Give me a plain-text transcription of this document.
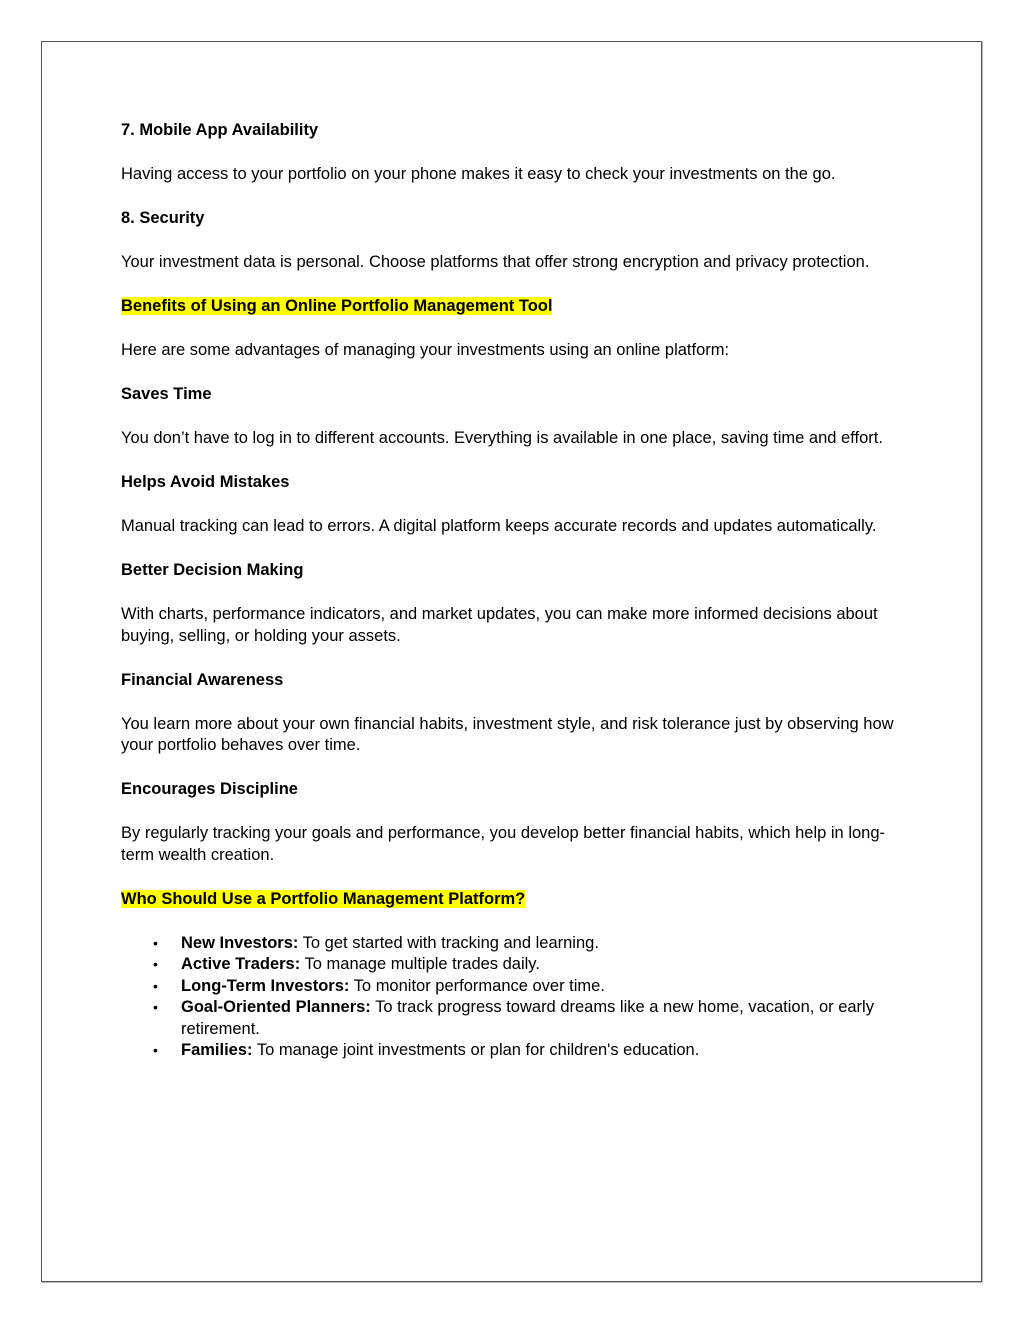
7. Mobile App Availability

Having access to your portfolio on your phone makes it easy to check your investments on the go.

8. Security

Your investment data is personal. Choose platforms that offer strong encryption and privacy protection.

Benefits of Using an Online Portfolio Management Tool

Here are some advantages of managing your investments using an online platform:

Saves Time

You don’t have to log in to different accounts. Everything is available in one place, saving time and effort.

Helps Avoid Mistakes

Manual tracking can lead to errors. A digital platform keeps accurate records and updates automatically.

Better Decision Making

With charts, performance indicators, and market updates, you can make more informed decisions about buying, selling, or holding your assets.

Financial Awareness

You learn more about your own financial habits, investment style, and risk tolerance just by observing how your portfolio behaves over time.

Encourages Discipline

By regularly tracking your goals and performance, you develop better financial habits, which help in long-term wealth creation.

Who Should Use a Portfolio Management Platform?

• New Investors: To get started with tracking and learning.
• Active Traders: To manage multiple trades daily.
• Long-Term Investors: To monitor performance over time.
• Goal-Oriented Planners: To track progress toward dreams like a new home, vacation, or early retirement.
• Families: To manage joint investments or plan for children's education.
